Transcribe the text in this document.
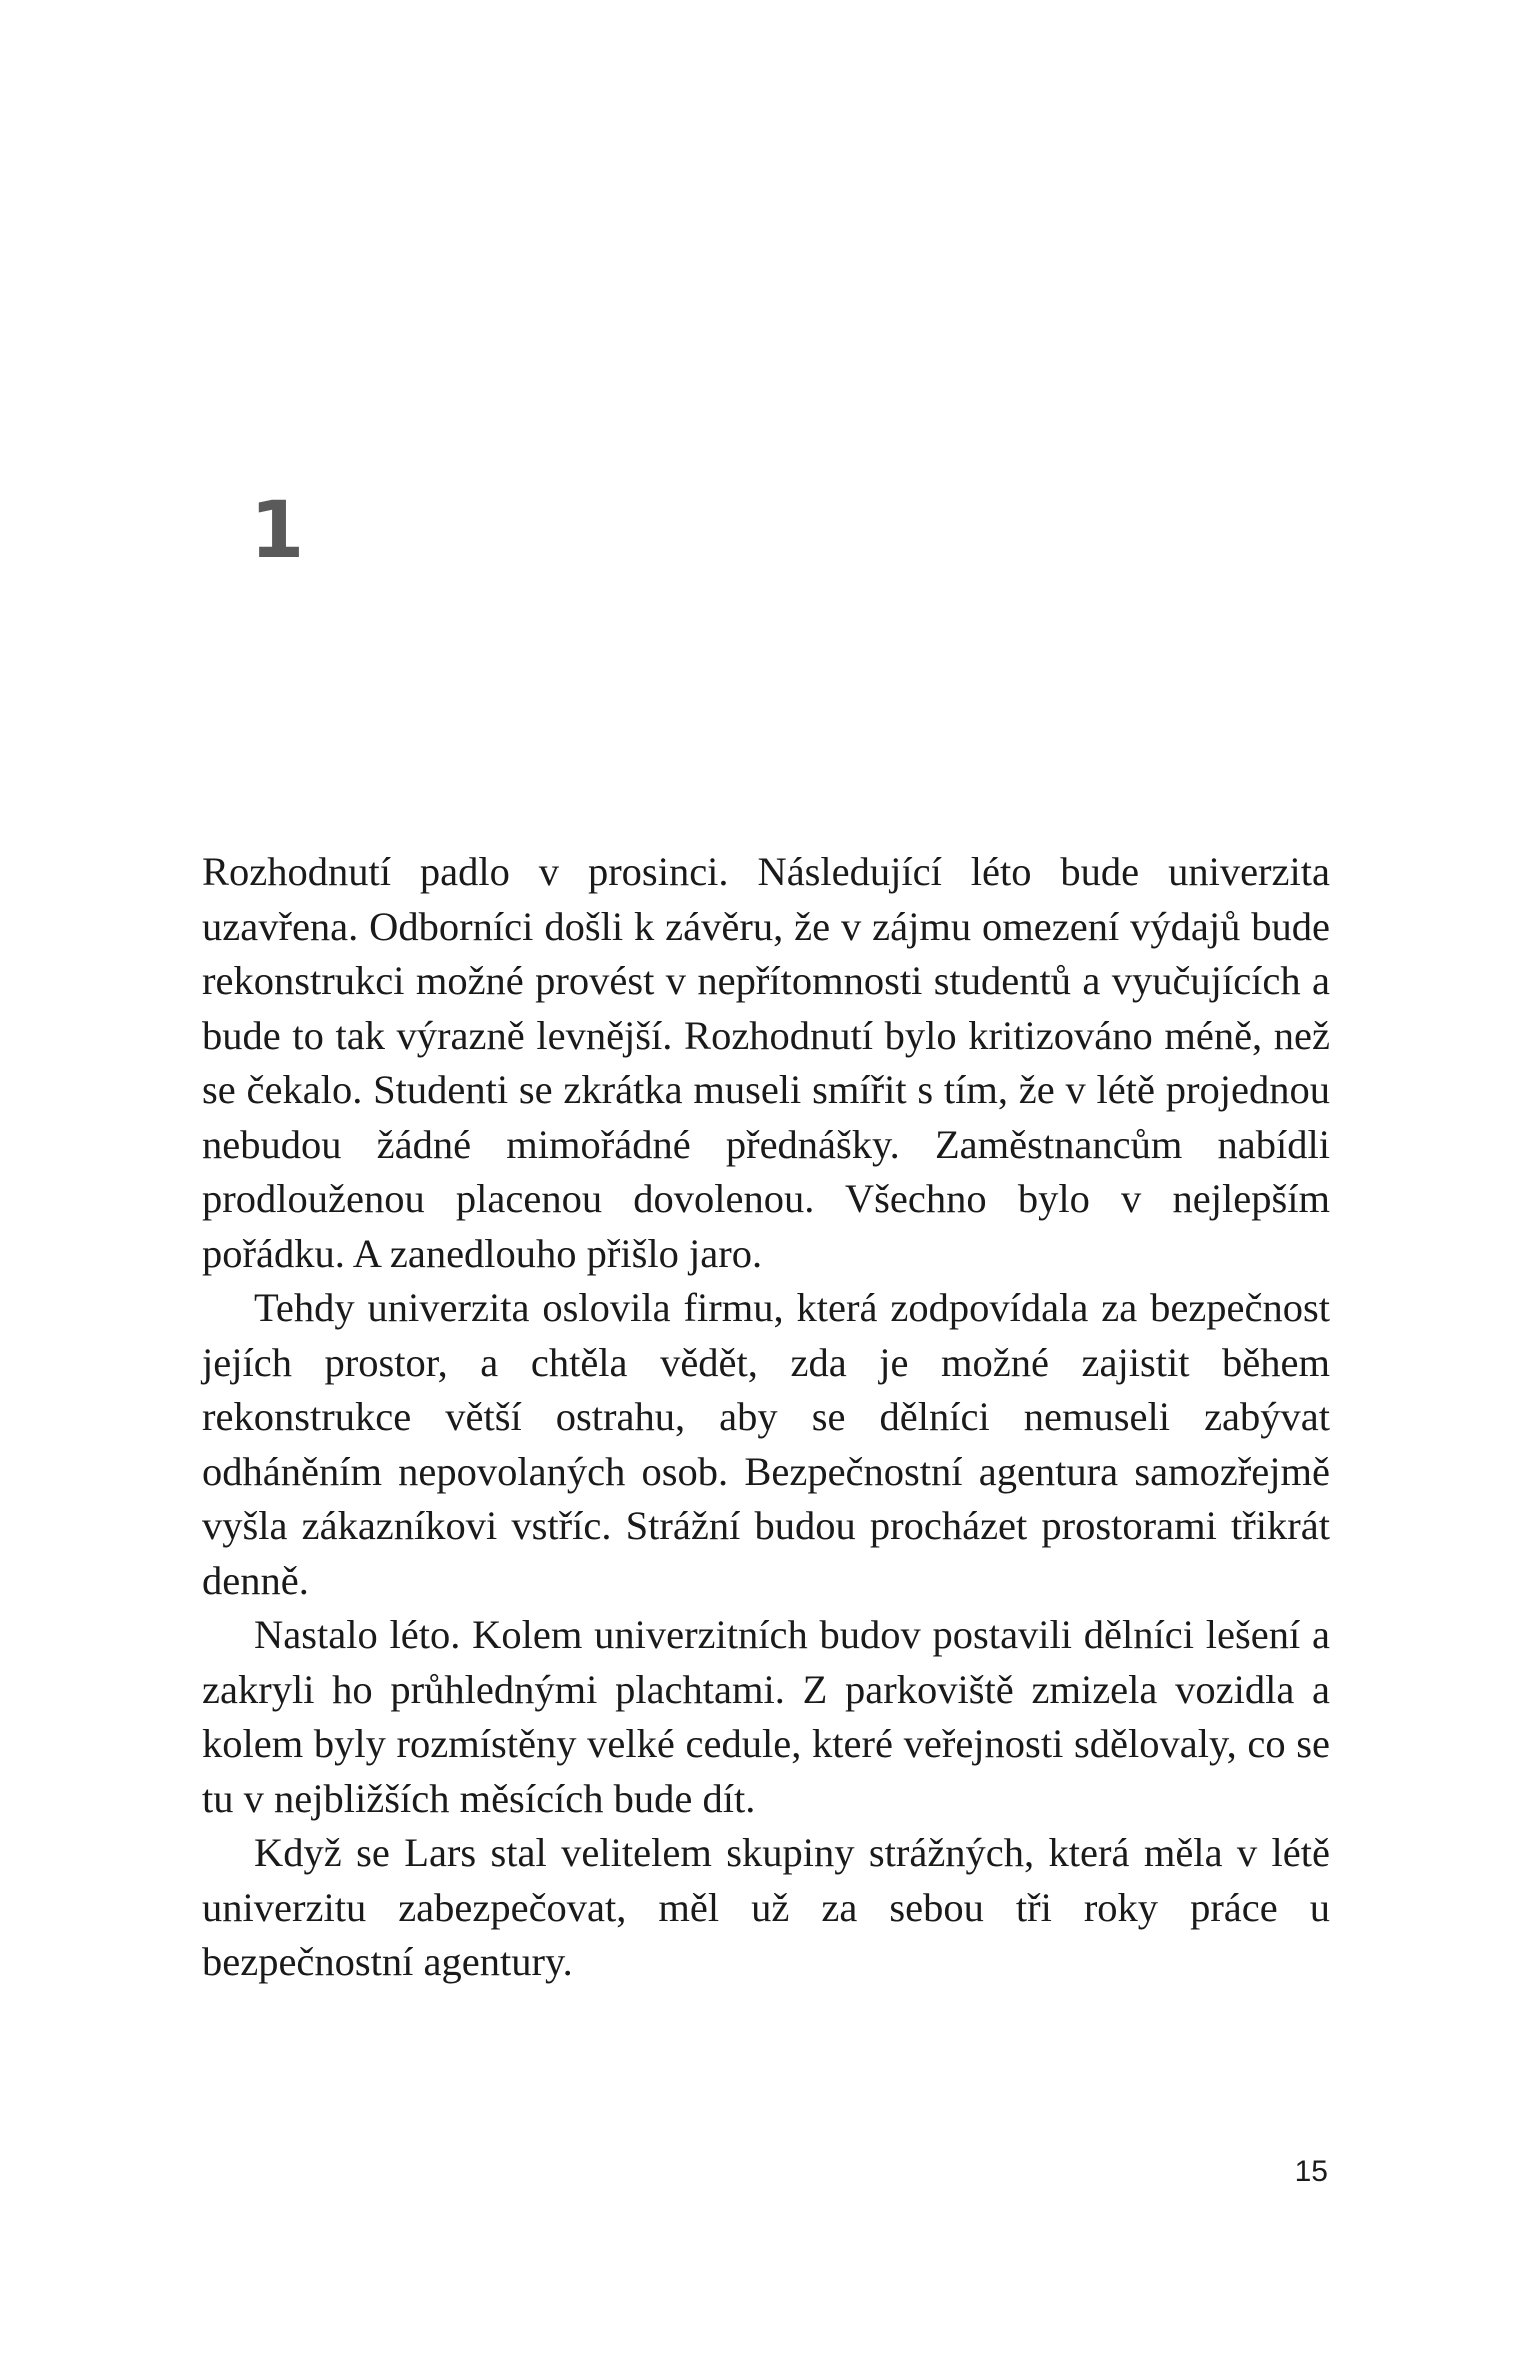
1

Rozhodnutí padlo v prosinci. Následující léto bude univerzita uzavřena. Odborníci došli k závěru, že v zájmu omezení výdajů bude rekonstrukci možné provést v nepřítomnosti studentů a vyučujících a bude to tak výrazně levnější. Rozhodnutí bylo kritizováno méně, než se čekalo. Studenti se zkrátka museli smířit s tím, že v létě projednou nebudou žádné mimořádné přednášky. Zaměstnancům nabídli prodlouženou placenou dovolenou. Všechno bylo v nejlepším pořádku. A zanedlouho přišlo jaro.

Tehdy univerzita oslovila firmu, která zodpovídala za bezpečnost jejích prostor, a chtěla vědět, zda je možné zajistit během rekonstrukce větší ostrahu, aby se dělníci nemuseli zabývat odháněním nepovolaných osob. Bezpečnostní agentura samozřejmě vyšla zákazníkovi vstříc. Strážní budou procházet prostorami třikrát denně.

Nastalo léto. Kolem univerzitních budov postavili dělníci lešení a zakryli ho průhlednými plachtami. Z parkoviště zmizela vozidla a kolem byly rozmístěny velké cedule, které veřejnosti sdělovaly, co se tu v nejbližších měsících bude dít.

Když se Lars stal velitelem skupiny strážných, která měla v létě univerzitu zabezpečovat, měl už za sebou tři roky práce u bezpečnostní agentury.

15
